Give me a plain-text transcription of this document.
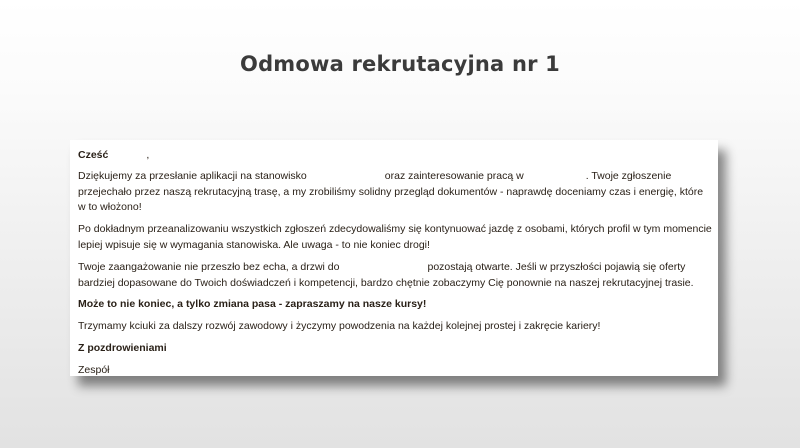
Odmowa rekrutacyjna nr 1

Cześć	,

Dziękujemy za przesłanie aplikacji na stanowisko	oraz zainteresowanie pracą w	. Twoje zgłoszenie przejechało przez naszą rekrutacyjną trasę, a my zrobiliśmy solidny przegląd dokumentów - naprawdę doceniamy czas i energię, które w to włożono!

Po dokładnym przeanalizowaniu wszystkich zgłoszeń zdecydowaliśmy się kontynuować jazdę z osobami, których profil w tym momencie lepiej wpisuje się w wymagania stanowiska. Ale uwaga - to nie koniec drogi!

Twoje zaangażowanie nie przeszło bez echa, a drzwi do	pozostają otwarte. Jeśli w przyszłości pojawią się oferty bardziej dopasowane do Twoich doświadczeń i kompetencji, bardzo chętnie zobaczymy Cię ponownie na naszej rekrutacyjnej trasie.

Może to nie koniec, a tylko zmiana pasa - zapraszamy na nasze kursy!

Trzymamy kciuki za dalszy rozwój zawodowy i życzymy powodzenia na każdej kolejnej prostej i zakręcie kariery!

Z pozdrowieniami

Zespół
